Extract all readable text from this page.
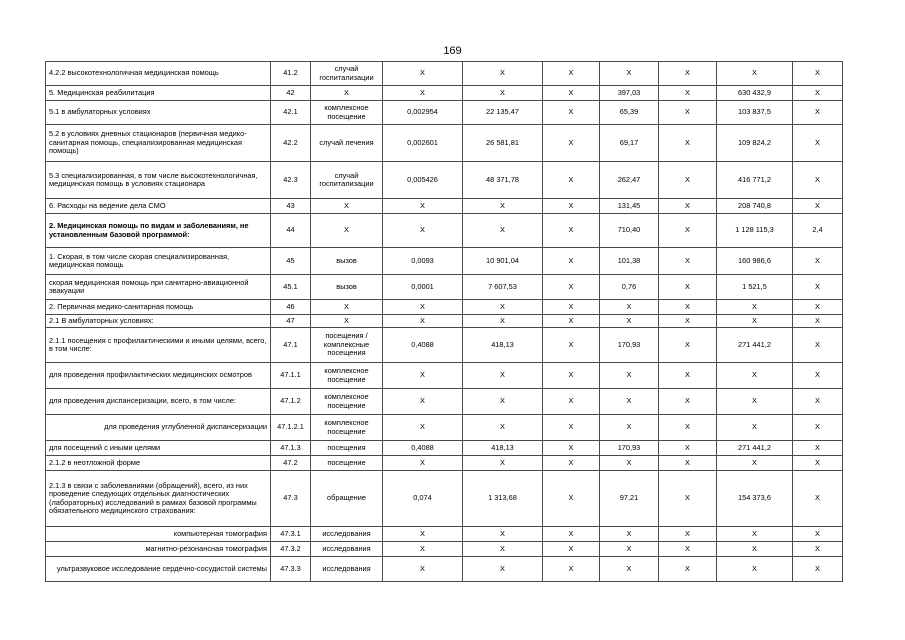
169
4.2.2 высокотехнологичная медицинская помощь	41.2	случай госпитализации	X	X	X	X	X	X	X
5. Медицинская реабилитация	42	X	X	X	X	397,03	X	630 432,9	X
5.1 в амбулаторных условиях	42.1	комплексное посещение	0,002954	22 135,47	X	65,39	X	103 837,5	X
5.2 в условиях дневных стационаров (первичная медико-санитарная помощь, специализированная медицинская помощь)	42.2	случай лечения	0,002601	26 581,81	X	69,17	X	109 824,2	X
5.3 специализированная, в том числе высокотехнологичная, медицинская помощь в условиях стационара	42.3	случай госпитализации	0,005426	48 371,78	X	262,47	X	416 771,2	X
6. Расходы на ведение дела СМО	43	X	X	X	X	131,45	X	208 740,8	X
2. Медицинская помощь по видам и заболеваниям, не установленным базовой программой:	44	X	X	X	X	710,40	X	1 128 115,3	2,4
1. Скорая, в том числе скорая специализированная, медицинская помощь	45	вызов	0,0093	10 901,04	X	101,38	X	160 986,6	X
скорая медицинская помощь при санитарно-авиационной эвакуации	45.1	вызов	0,0001	7 607,53	X	0,76	X	1 521,5	X
2. Первичная медико-санитарная помощь	46	X	X	X	X	X	X	X	X
2.1 В амбулаторных условиях:	47	X	X	X	X	X	X	X	X
2.1.1 посещения с профилактическими и иными целями, всего, в том числе:	47.1	посещения / комплексные посещения	0,4088	418,13	X	170,93	X	271 441,2	X
для проведения профилактических медицинских осмотров	47.1.1	комплексное посещение	X	X	X	X	X	X	X
для проведения диспансеризации, всего, в том числе:	47.1.2	комплексное посещение	X	X	X	X	X	X	X
для проведения углубленной диспансеризации	47.1.2.1	комплексное посещение	X	X	X	X	X	X	X
для посещений с иными целями	47.1.3	посещения	0,4088	418,13	X	170,93	X	271 441,2	X
2.1.2 в неотложной форме	47.2	посещение	X	X	X	X	X	X	X
2.1.3 в связи с заболеваниями (обращений), всего, из них проведение следующих отдельных диагностических (лабораторных) исследований в рамках базовой программы обязательного медицинского страхования:	47.3	обращение	0,074	1 313,68	X	97,21	X	154 373,6	X
компьютерная томография	47.3.1	исследования	X	X	X	X	X	X	X
магнитно-резонансная томография	47.3.2	исследования	X	X	X	X	X	X	X
ультразвуковое исследование сердечно-сосудистой системы	47.3.3	исследования	X	X	X	X	X	X	X
